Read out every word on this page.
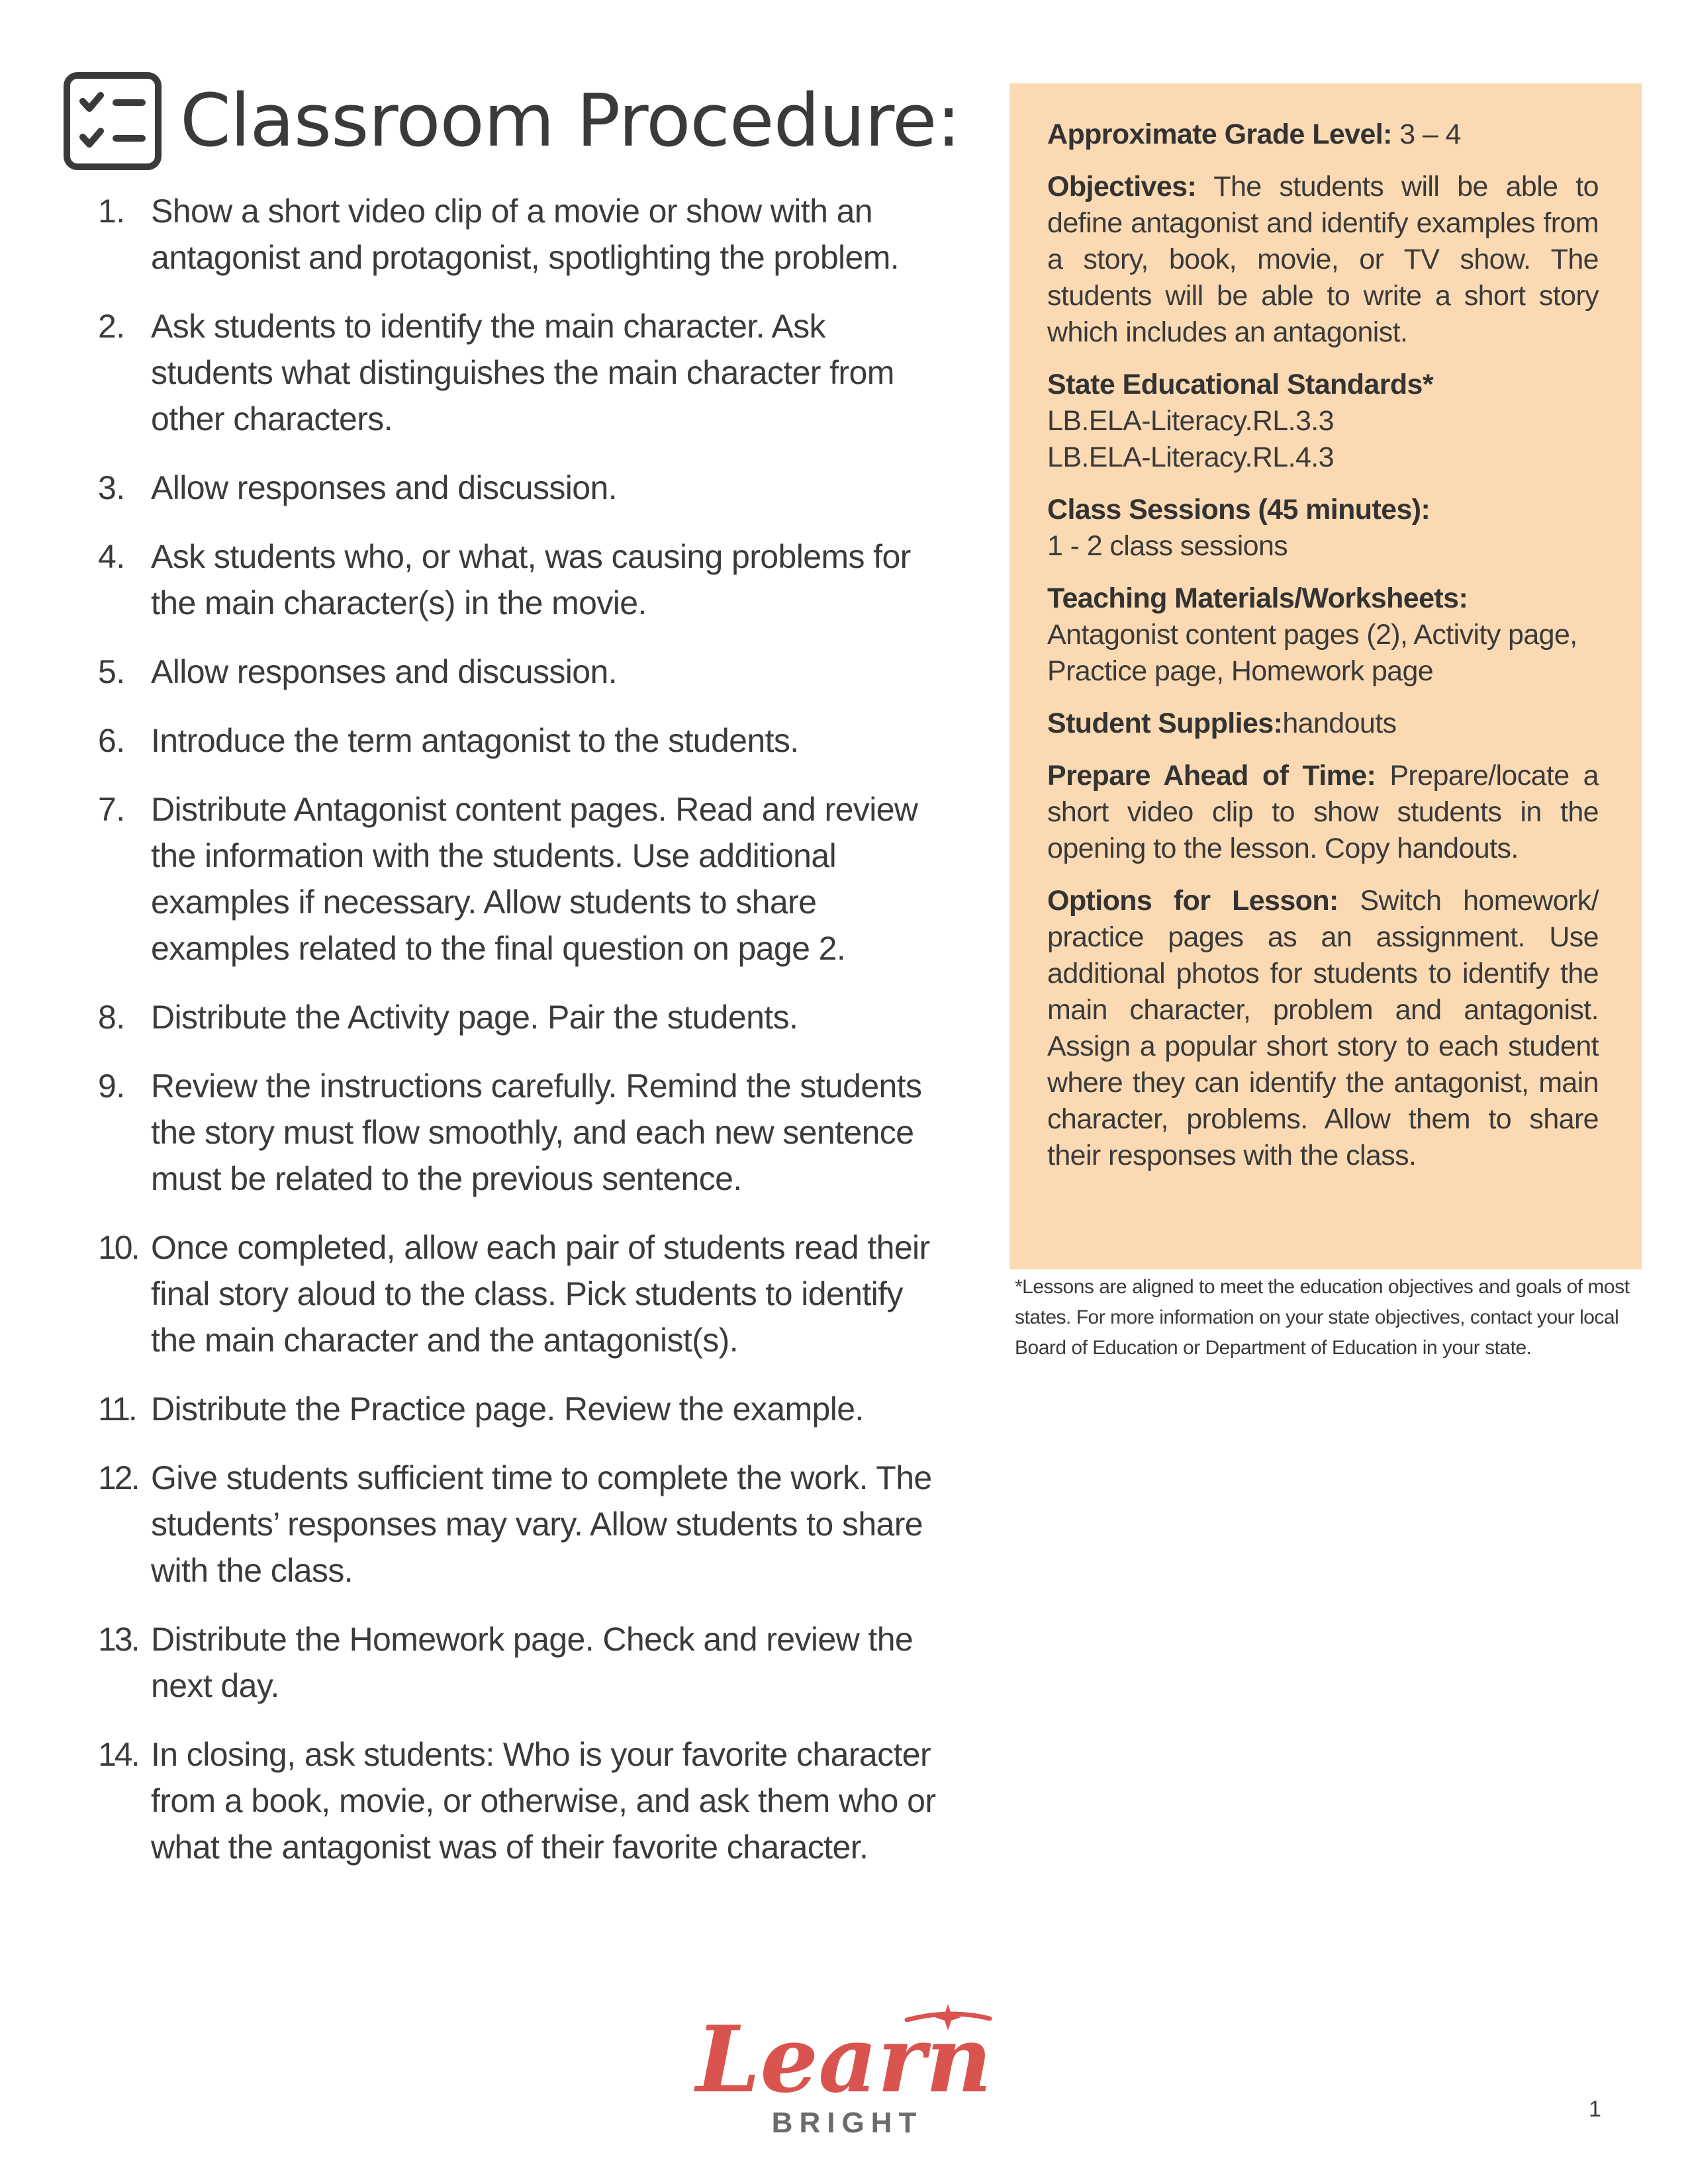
Classroom Procedure:
1. Show a short video clip of a movie or show with an antagonist and protagonist, spotlighting the problem.
2. Ask students to identify the main character. Ask students what distinguishes the main character from other characters.
3. Allow responses and discussion.
4. Ask students who, or what, was causing problems for the main character(s) in the movie.
5. Allow responses and discussion.
6. Introduce the term antagonist to the students.
7. Distribute Antagonist content pages. Read and review the information with the students. Use additional examples if necessary. Allow students to share examples related to the final question on page 2.
8. Distribute the Activity page. Pair the students.
9. Review the instructions carefully. Remind the students the story must flow smoothly, and each new sentence must be related to the previous sentence.
10. Once completed, allow each pair of students read their final story aloud to the class. Pick students to identify the main character and the antagonist(s).
11. Distribute the Practice page. Review the example.
12. Give students sufficient time to complete the work. The students’ responses may vary. Allow students to share with the class.
13. Distribute the Homework page. Check and review the next day.
14. In closing, ask students: Who is your favorite character from a book, movie, or otherwise, and ask them who or what the antagonist was of their favorite character.
Approximate Grade Level: 3 – 4
Objectives: The students will be able to define antagonist and identify examples from a story, book, movie, or TV show. The students will be able to write a short story which includes an antagonist.
State Educational Standards*
LB.ELA-Literacy.RL.3.3
LB.ELA-Literacy.RL.4.3
Class Sessions (45 minutes):
1 - 2 class sessions
Teaching Materials/Worksheets:
Antagonist content pages (2), Activity page, Practice page, Homework page
Student Supplies:handouts
Prepare Ahead of Time: Prepare/locate a short video clip to show students in the opening to the lesson. Copy handouts.
Options for Lesson: Switch homework/ practice pages as an assignment. Use additional photos for students to identify the main character, problem and antagonist. Assign a popular short story to each student where they can identify the antagonist, main character, problems. Allow them to share their responses with the class.
*Lessons are aligned to meet the education objectives and goals of most states. For more information on your state objectives, contact your local Board of Education or Department of Education in your state.
Learn
BRIGHT	1
